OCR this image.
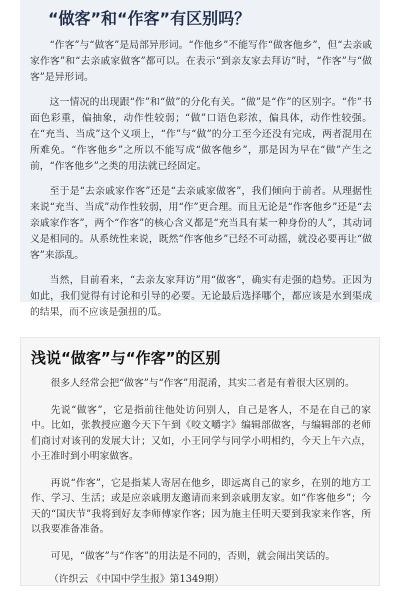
“做客”和“作客”有区别吗？

“作客”与“做客”是局部异形词。“作他乡”不能写作“做客他乡”，但“去亲戚家作客”和“去亲戚家做客”都可以。在表示“到亲友家去拜访”时，“作客”与“做客”是异形词。

这一情况的出现跟“作”和“做”的分化有关。“做”是“作”的区别字。“作”书面色彩重，偏抽象，动作性较弱；“做”口语色彩浓，偏具体，动作性较强。在“充当、当成”这个义项上，“作”与“做”的分工至今还没有完成，两者混用在所难免。“作客他乡”之所以不能写成“做客他乡”，那是因为早在“做”产生之前，“作客他乡”之类的用法就已经固定。

至于是“去亲戚家作客”还是“去亲戚家做客”，我们倾向于前者。从理据性来说“充当、当成”动作性较弱，用“作”更合理。而且无论是“作客他乡”还是“去亲戚家作客”，两个“作客”的核心含义都是“充当具有某一种身份的人”，其动词义是相同的。从系统性来说，既然“作客他乡”已经不可动摇，就没必要再让“做客”来添乱。

当然，目前看来，“去亲友家拜访”用“做客”，确实有走强的趋势。正因为如此，我们觉得有讨论和引导的必要。无论最后选择哪个，都应该是水到渠成的结果，而不应该是强扭的瓜。

浅说“做客”与“作客”的区别

很多人经常会把“做客”与“作客”用混淆，其实二者是有着很大区别的。

先说“做客”，它是指前往他处访问别人，自己是客人，不是在自己的家中。比如，张教授应邀今天下午到《咬文嚼字》编辑部做客，与编辑部的老师们商讨对该刊的发展大计；又如，小王同学与同学小明相约，今天上午六点，小王准时到小明家做客。

再说“作客”，它是指某人寄居在他乡，即远离自己的家乡，在别的地方工作、学习、生活；或是应亲戚朋友邀请而来到亲戚朋友家。如“作客他乡”；今天的“国庆节”我将到好友李师傅家作客；因为施主任明天要到我家来作客，所以我要准备准备。

可见，“做客”与“作客”的用法是不同的，否则，就会闹出笑话的。

（许织云 《中国中学生报》第1349期）
